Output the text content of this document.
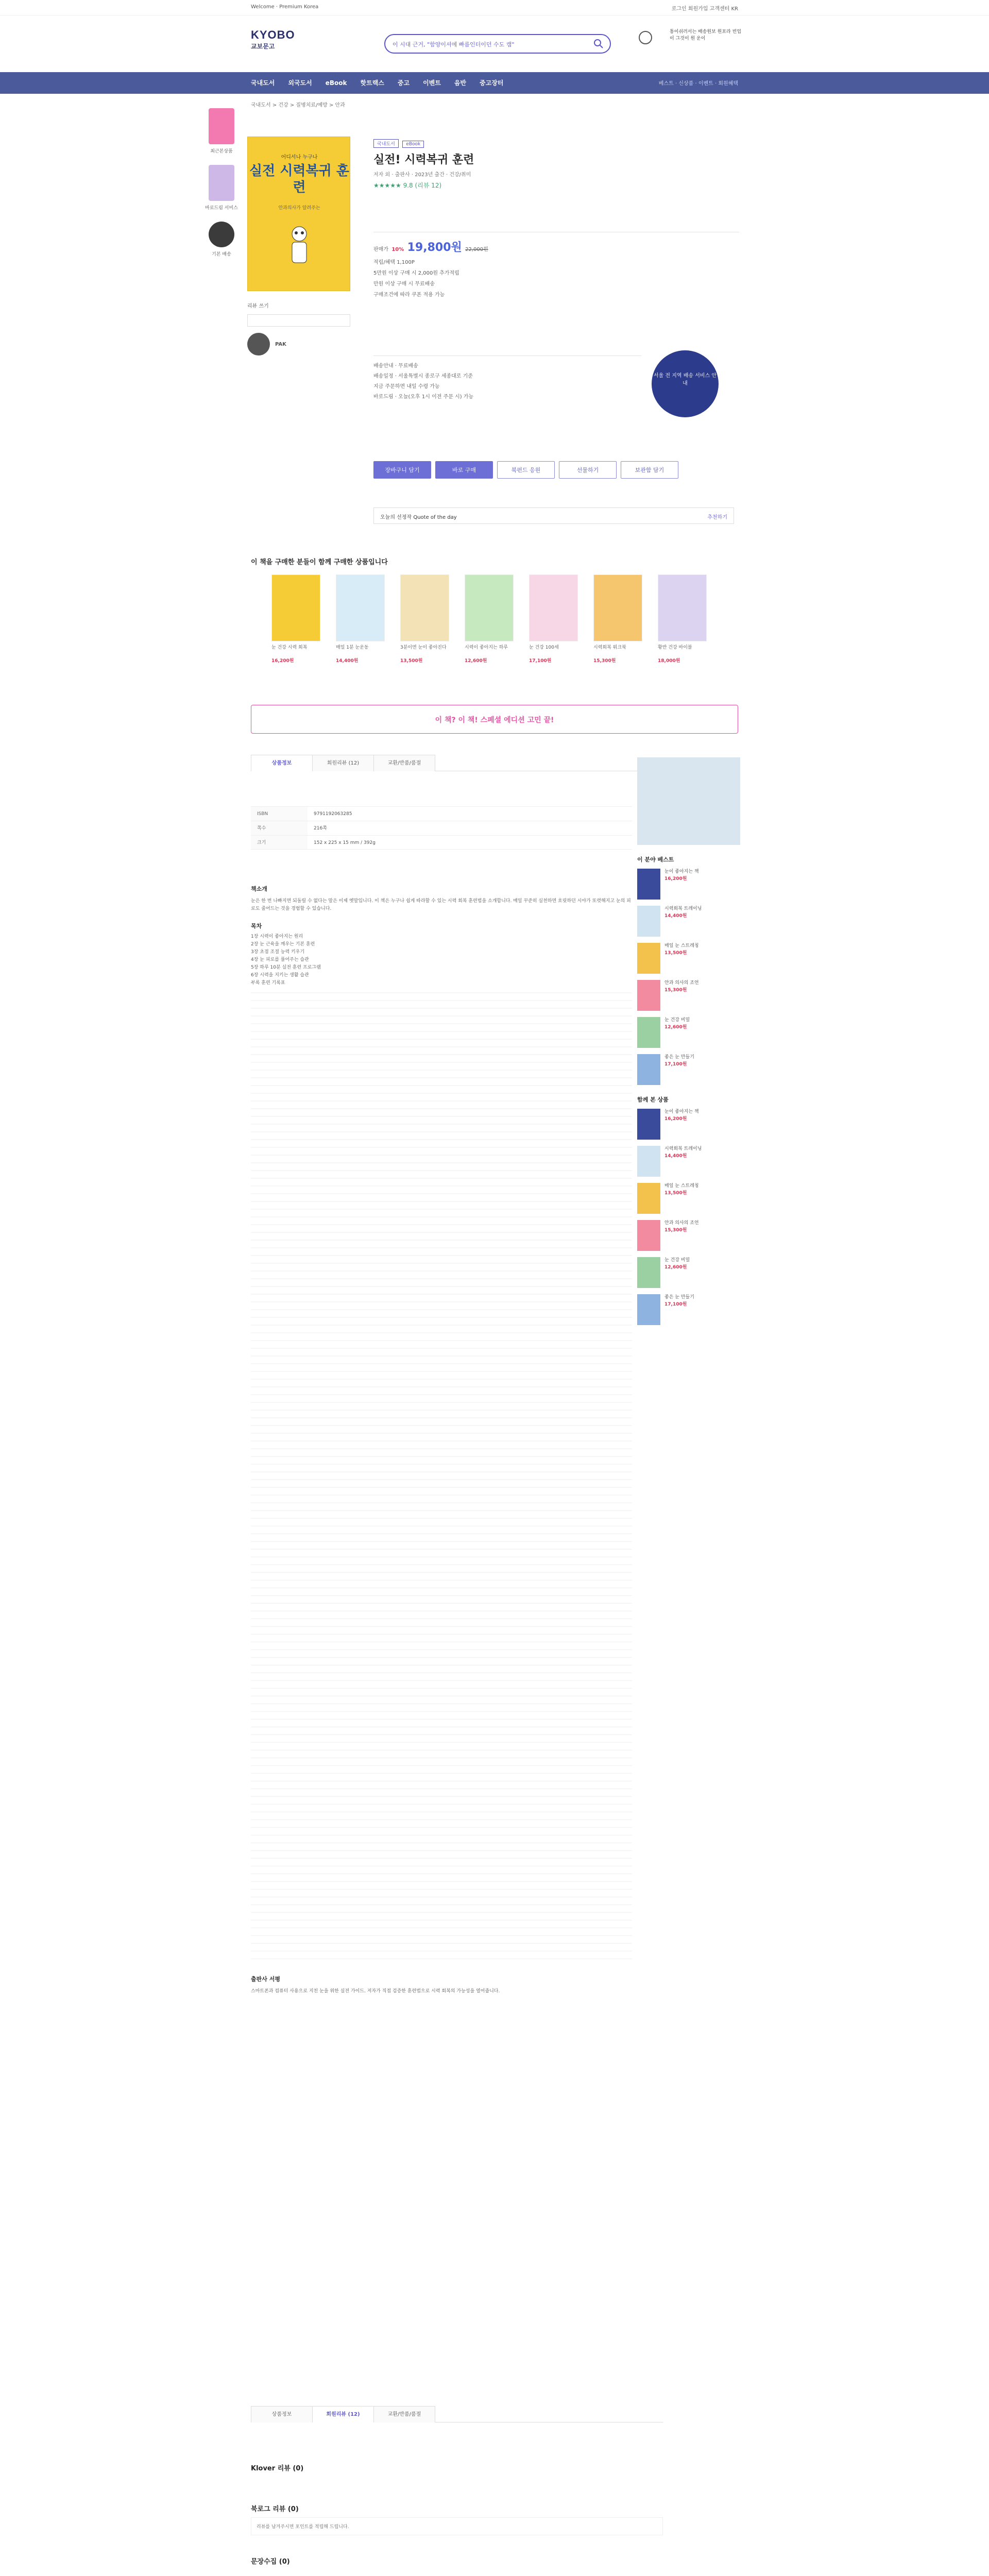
Welcome · Premium Korea	로그인 회원가입 고객센터 KR
KYOBO
교보문고	이 시대 근거, "함양이셔에 빠름인터이던 수도 캠"
통이쉬러서는 배송원보 원포라 빈업이 그것이 원 운이
국내도서 외국도서 eBook 핫트랙스 중고 이벤트 음반 중고장터	베스트 · 신상품 · 이벤트 · 회원혜택
국내도서 > 건강 > 질병치료/예방 > 안과
최근본상품
바로드림 서비스
기본 배송
어디서나 누구나
실전 시력복귀 훈련
안과의사가 알려주는
리뷰 쓰기
PAK
국내도서 eBook
실전! 시력복귀 훈련
저자 외 · 출판사 · 2023년 출간 · 건강/취미
★★★★★ 9.8 (리뷰 12)
판매가 10% 19,800원 22,000원
적립/혜택 1,100P
5만원 이상 구매 시 2,000원 추가적립
만원 이상 구매 시 무료배송
구매조건에 따라 쿠폰 적용 가능
배송안내 · 무료배송
배송일정 · 서울특별시 종로구 세종대로 기준
지금 주문하면 내일 수령 가능
바로드림 · 오늘(오후 1시 이전 주문 시) 가능
서울 전 지역 배송 서비스 안내
장바구니 담기	바로 구매	북펀드 응원	선물하기	보관함 담기
오늘의 선정작 Quote of the day	추천하기
이 책을 구매한 분들이 함께 구매한 상품입니다
눈 건강 시력 회복
16,200원
매일 1분 눈운동
14,400원
3분이면 눈이 좋아진다
13,500원
시력이 좋아지는 하루
12,600원
눈 건강 100세
17,100원
시력회복 워크북
15,300원
황반 건강 바이블
18,000원
이 책? 이 책! 스페셜 에디션 고민 끝!
상품정보	회원리뷰 (12)	교환/반품/품절
ISBN	9791192063285
쪽수	216쪽
크기	152 x 225 x 15 mm / 392g
책소개

눈은 한 번 나빠지면 되돌릴 수 없다는 말은 이제 옛말입니다. 이 책은 누구나 쉽게 따라할 수 있는 시력 회복 훈련법을 소개합니다. 매일 꾸준히 실천하면 흐릿하던 시야가 또렷해지고 눈의 피로도 줄어드는 것을 경험할 수 있습니다.

목차
1장 시력이 좋아지는 원리
2장 눈 근육을 깨우는 기본 훈련
3장 초점 조절 능력 키우기
4장 눈 피로를 풀어주는 습관
5장 하루 10분 실전 훈련 프로그램
6장 시력을 지키는 생활 습관
부록 훈련 기록표
출판사 서평

스마트폰과 컴퓨터 사용으로 지친 눈을 위한 실전 가이드. 저자가 직접 검증한 훈련법으로 시력 회복의 가능성을 열어줍니다.

이 분야 베스트
눈이 좋아지는 책
16,200원
시력회복 트레이닝
14,400원
매일 눈 스트레칭
13,500원
안과 의사의 조언
15,300원
눈 건강 비밀
12,600원
좋은 눈 만들기
17,100원
함께 본 상품
눈이 좋아지는 책
16,200원
시력회복 트레이닝
14,400원
매일 눈 스트레칭
13,500원
안과 의사의 조언
15,300원
눈 건강 비밀
12,600원
좋은 눈 만들기
17,100원
상품정보	회원리뷰 (12)	교환/반품/품절
Klover 리뷰 (0)
북로그 리뷰 (0)
리뷰를 남겨주시면 포인트를 적립해 드립니다.
문장수집 (0)
